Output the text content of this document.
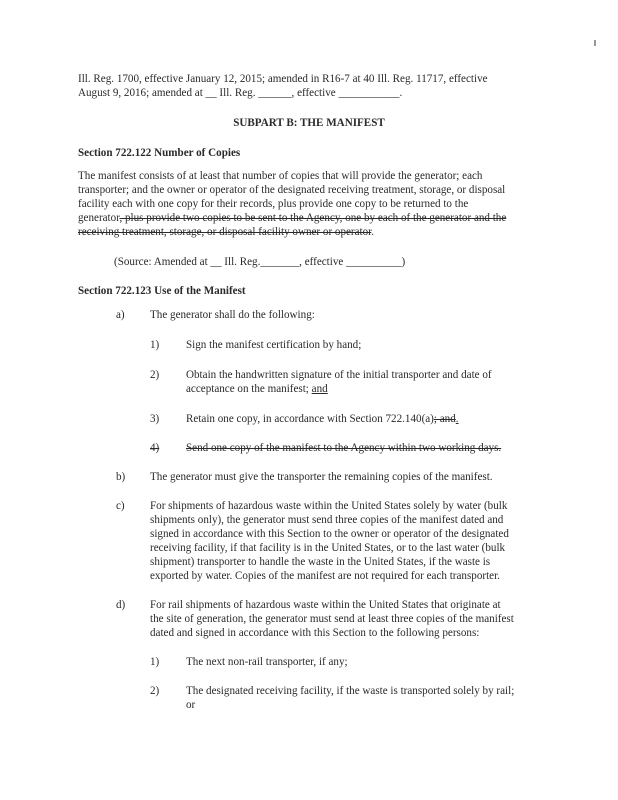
Ill. Reg. 1700, effective January 12, 2015; amended in R16-7 at 40 Ill. Reg. 11717, effective
August 9, 2016; amended at __ Ill. Reg. ______, effective ___________.
SUBPART B: THE MANIFEST
Section 722.122 Number of Copies
The manifest consists of at least that number of copies that will provide the generator; each
transporter; and the owner or operator of the designated receiving treatment, storage, or disposal
facility each with one copy for their records, plus provide one copy to be returned to the
generator, plus provide two copies to be sent to the Agency, one by each of the generator and the
receiving treatment, storage, or disposal facility owner or operator.
(Source: Amended at __ Ill. Reg._______, effective __________)
Section 722.123 Use of the Manifest
a) The generator shall do the following:
1) Sign the manifest certification by hand;
2) Obtain the handwritten signature of the initial transporter and date of
acceptance on the manifest; and
3) Retain one copy, in accordance with Section 722.140(a); and.
4) Send one copy of the manifest to the Agency within two working days.
b) The generator must give the transporter the remaining copies of the manifest.
c) For shipments of hazardous waste within the United States solely by water (bulk
shipments only), the generator must send three copies of the manifest dated and
signed in accordance with this Section to the owner or operator of the designated
receiving facility, if that facility is in the United States, or to the last water (bulk
shipment) transporter to handle the waste in the United States, if the waste is
exported by water. Copies of the manifest are not required for each transporter.
d) For rail shipments of hazardous waste within the United States that originate at
the site of generation, the generator must send at least three copies of the manifest
dated and signed in accordance with this Section to the following persons:
1) The next non-rail transporter, if any;
2) The designated receiving facility, if the waste is transported solely by rail;
or
